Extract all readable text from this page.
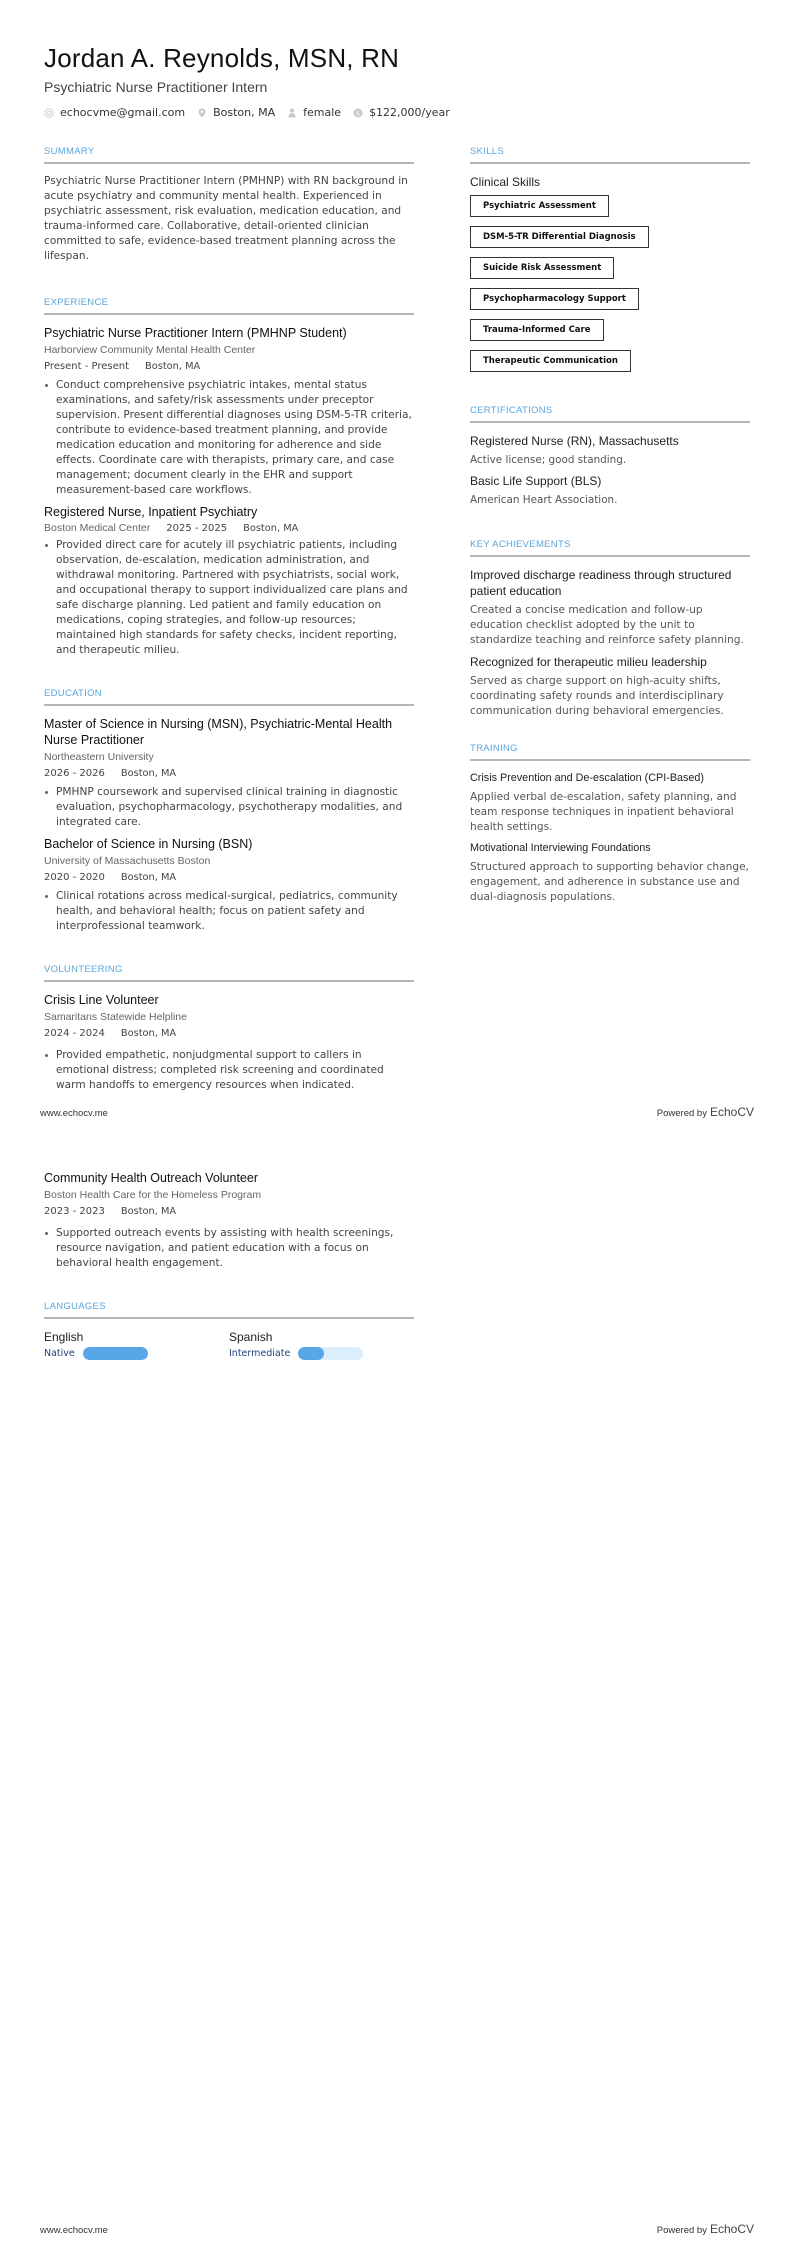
Jordan A. Reynolds, MSN, RN
Psychiatric Nurse Practitioner Intern
echocvme@gmail.com	Boston, MA	female $ $122,000/year
SUMMARY
Psychiatric Nurse Practitioner Intern (PMHNP) with RN background in acute psychiatry and community mental health. Experienced in psychiatric assessment, risk evaluation, medication education, and trauma-informed care. Collaborative, detail-oriented clinician committed to safe, evidence-based treatment planning across the lifespan.
EXPERIENCE
Psychiatric Nurse Practitioner Intern (PMHNP Student)
Harborview Community Mental Health Center
Present - Present Boston, MA
Conduct comprehensive psychiatric intakes, mental status examinations, and safety/risk assessments under preceptor supervision. Present differential diagnoses using DSM-5-TR criteria, contribute to evidence-based treatment planning, and provide medication education and monitoring for adherence and side effects. Coordinate care with therapists, primary care, and case management; document clearly in the EHR and support measurement-based care workflows.
Registered Nurse, Inpatient Psychiatry
Boston Medical Center 2025 - 2025 Boston, MA
Provided direct care for acutely ill psychiatric patients, including observation, de-escalation, medication administration, and withdrawal monitoring. Partnered with psychiatrists, social work, and occupational therapy to support individualized care plans and safe discharge planning. Led patient and family education on medications, coping strategies, and follow-up resources; maintained high standards for safety checks, incident reporting, and therapeutic milieu.
EDUCATION
Master of Science in Nursing (MSN), Psychiatric-Mental Health Nurse Practitioner
Northeastern University
2026 - 2026 Boston, MA
PMHNP coursework and supervised clinical training in diagnostic evaluation, psychopharmacology, psychotherapy modalities, and integrated care.
Bachelor of Science in Nursing (BSN)
University of Massachusetts Boston
2020 - 2020 Boston, MA
Clinical rotations across medical-surgical, pediatrics, community health, and behavioral health; focus on patient safety and interprofessional teamwork.
VOLUNTEERING
Crisis Line Volunteer
Samaritans Statewide Helpline
2024 - 2024 Boston, MA
Provided empathetic, nonjudgmental support to callers in emotional distress; completed risk screening and coordinated warm handoffs to emergency resources when indicated.
SKILLS
Clinical Skills
Psychiatric Assessment
DSM-5-TR Differential Diagnosis
Suicide Risk Assessment
Psychopharmacology Support
Trauma-Informed Care
Therapeutic Communication
CERTIFICATIONS
Registered Nurse (RN), Massachusetts
Active license; good standing.
Basic Life Support (BLS)
American Heart Association.
KEY ACHIEVEMENTS
Improved discharge readiness through structured patient education
Created a concise medication and follow-up education checklist adopted by the unit to standardize teaching and reinforce safety planning.
Recognized for therapeutic milieu leadership
Served as charge support on high-acuity shifts, coordinating safety rounds and interdisciplinary communication during behavioral emergencies.
TRAINING
Crisis Prevention and De-escalation (CPI-Based)
Applied verbal de-escalation, safety planning, and team response techniques in inpatient behavioral health settings.
Motivational Interviewing Foundations
Structured approach to supporting behavior change, engagement, and adherence in substance use and dual-diagnosis populations.
www.echocv.me	Powered by EchoCV
Community Health Outreach Volunteer
Boston Health Care for the Homeless Program
2023 - 2023 Boston, MA
Supported outreach events by assisting with health screenings, resource navigation, and patient education with a focus on behavioral health engagement.
LANGUAGES
English
Native
Spanish
Intermediate
www.echocv.me	Powered by EchoCV
